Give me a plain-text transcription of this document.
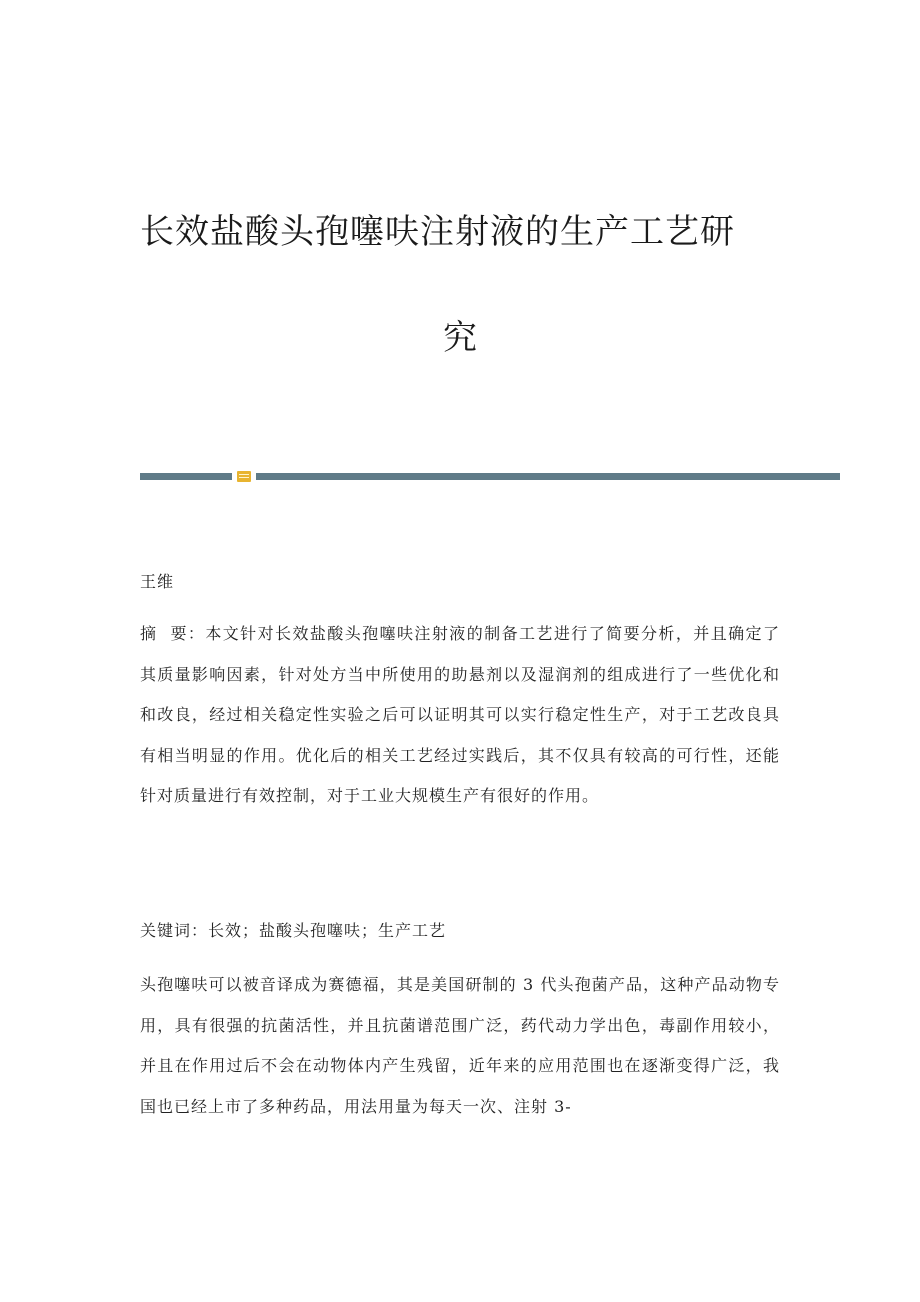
长效盐酸头孢噻呋注射液的生产工艺研
究
王维
摘  要：本文针对长效盐酸头孢噻呋注射液的制备工艺进行了简要分析，并且确定了其质量影响因素，针对处方当中所使用的助悬剂以及湿润剂的组成进行了一些优化和和改良，经过相关稳定性实验之后可以证明其可以实行稳定性生产，对于工艺改良具有相当明显的作用。优化后的相关工艺经过实践后，其不仅具有较高的可行性，还能针对质量进行有效控制，对于工业大规模生产有很好的作用。
关键词：长效；盐酸头孢噻呋；生产工艺
头孢噻呋可以被音译成为赛德福，其是美国研制的 3 代头孢菌产品，这种产品动物专用，具有很强的抗菌活性，并且抗菌谱范围广泛，药代动力学出色，毒副作用较小，并且在作用过后不会在动物体内产生残留，近年来的应用范围也在逐渐变得广泛，我国也已经上市了多种药品，用法用量为每天一次、注射 3-
